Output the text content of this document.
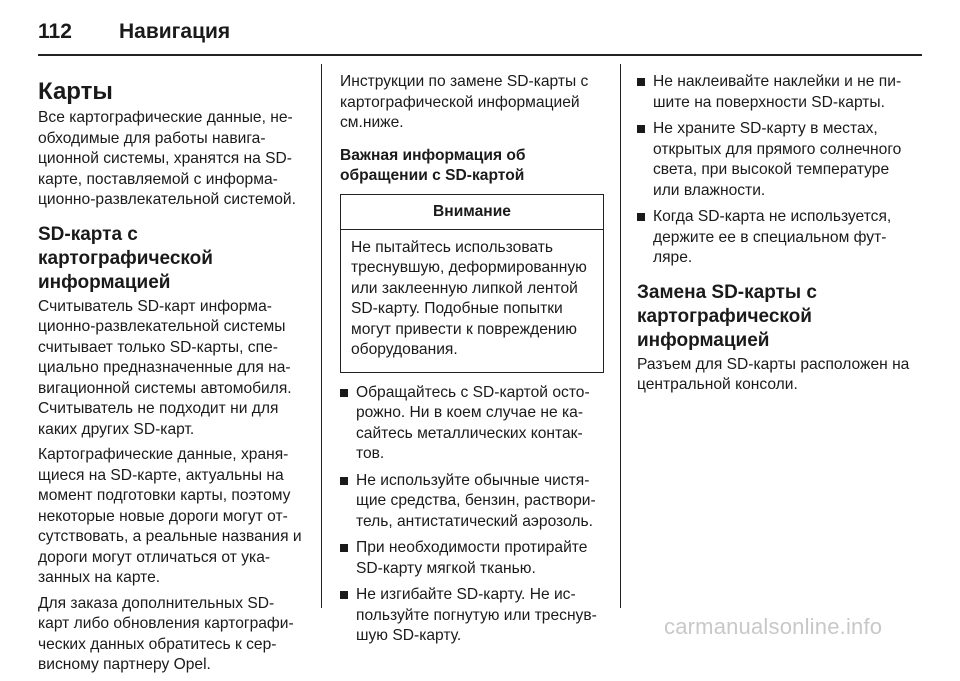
112	Навигация
Карты
Все картографические данные, необходимые для работы навигационной системы, хранятся на SD-карте, поставляемой с информационно-развлекательной системой.
SD-карта с картографической информацией
Считыватель SD-карт информационно-развлекательной системы считывает только SD-карты, специально предназначенные для навигационной системы автомобиля. Считыватель не подходит ни для каких других SD-карт.
Картографические данные, хранящиеся на SD-карте, актуальны на момент подготовки карты, поэтому некоторые новые дороги могут отсутствовать, а реальные названия и дороги могут отличаться от указанных на карте.
Для заказа дополнительных SD-карт либо обновления картографических данных обратитесь к сервисному партнеру Opel.
Инструкции по замене SD-карты с картографической информацией см.ниже.
Важная информация об обращении с SD-картой
Внимание
Не пытайтесь использовать треснувшую, деформированную или заклеенную липкой лентой SD-карту. Подобные попытки могут привести к повреждению оборудования.
Обращайтесь с SD-картой осторожно. Ни в коем случае не касайтесь металлических контактов.
Не используйте обычные чистящие средства, бензин, растворитель, антистатический аэрозоль.
При необходимости протирайте SD-карту мягкой тканью.
Не изгибайте SD-карту. Не используйте погнутую или треснувшую SD-карту.
Не наклеивайте наклейки и не пишите на поверхности SD-карты.
Не храните SD-карту в местах, открытых для прямого солнечного света, при высокой температуре или влажности.
Когда SD-карта не используется, держите ее в специальном футляре.
Замена SD-карты с картографической информацией
Разъем для SD-карты расположен на центральной консоли.
carmanualsonline.info
